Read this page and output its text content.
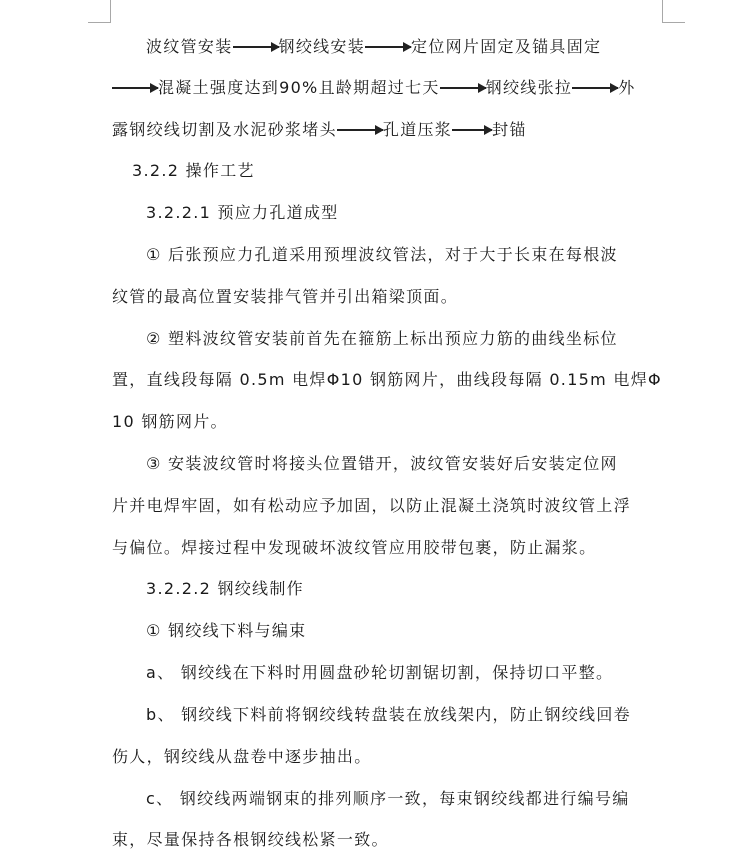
波纹管安装	钢绞线安装	定位网片固定及锚具固定
混凝土强度达到90%且龄期超过七天	钢绞线张拉	外
露钢绞线切割及水泥砂浆堵头	孔道压浆	封锚
3.2.2 操作工艺
3.2.2.1 预应力孔道成型
① 后张预应力孔道采用预埋波纹管法，对于大于长束在每根波
纹管的最高位置安装排气管并引出箱梁顶面。
② 塑料波纹管安装前首先在箍筋上标出预应力筋的曲线坐标位
置，直线段每隔 0.5m 电焊Φ10 钢筋网片，曲线段每隔 0.15m 电焊Φ
10 钢筋网片。
③ 安装波纹管时将接头位置错开，波纹管安装好后安装定位网
片并电焊牢固，如有松动应予加固，以防止混凝土浇筑时波纹管上浮
与偏位。焊接过程中发现破坏波纹管应用胶带包裹，防止漏浆。
3.2.2.2 钢绞线制作
① 钢绞线下料与编束
a、 钢绞线在下料时用圆盘砂轮切割锯切割，保持切口平整。
b、 钢绞线下料前将钢绞线转盘装在放线架内，防止钢绞线回卷
伤人，钢绞线从盘卷中逐步抽出。
c、 钢绞线两端钢束的排列顺序一致，每束钢绞线都进行编号编
束，尽量保持各根钢绞线松紧一致。
